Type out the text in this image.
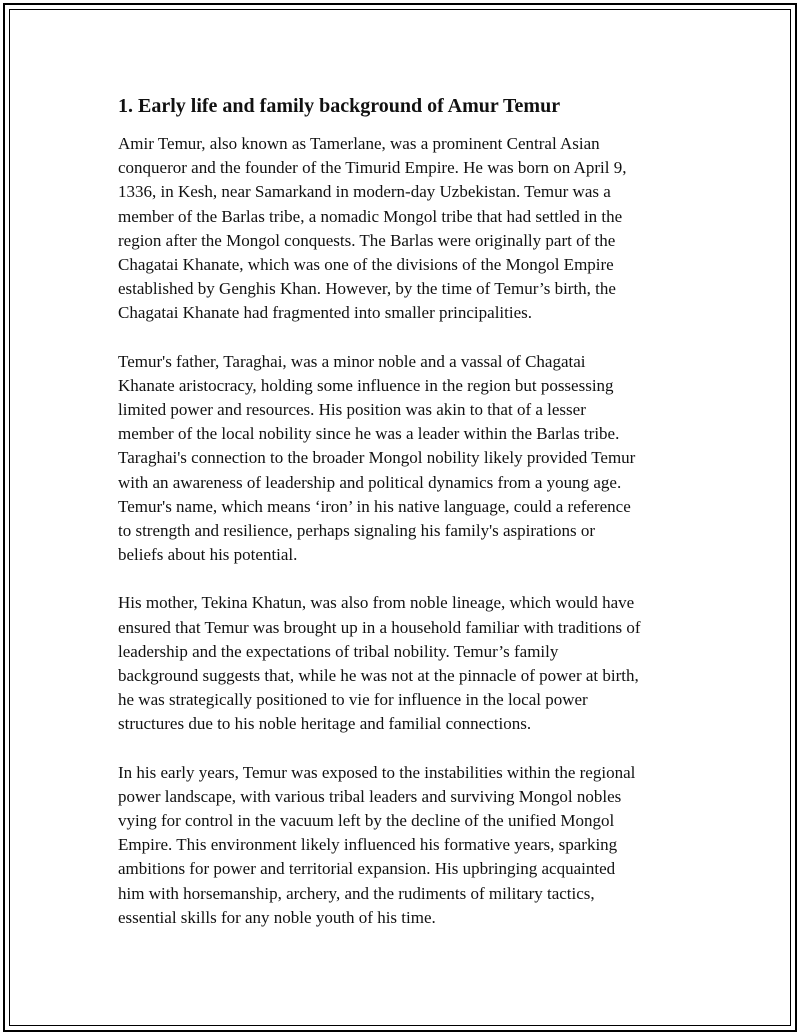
1. Early life and family background of Amur Temur

Amir Temur, also known as Tamerlane, was a prominent Central Asian
conqueror and the founder of the Timurid Empire. He was born on April 9,
1336, in Kesh, near Samarkand in modern-day Uzbekistan. Temur was a
member of the Barlas tribe, a nomadic Mongol tribe that had settled in the
region after the Mongol conquests. The Barlas were originally part of the
Chagatai Khanate, which was one of the divisions of the Mongol Empire
established by Genghis Khan. However, by the time of Temur’s birth, the
Chagatai Khanate had fragmented into smaller principalities.

Temur's father, Taraghai, was a minor noble and a vassal of Chagatai
Khanate aristocracy, holding some influence in the region but possessing
limited power and resources. His position was akin to that of a lesser
member of the local nobility since he was a leader within the Barlas tribe.
Taraghai's connection to the broader Mongol nobility likely provided Temur
with an awareness of leadership and political dynamics from a young age.
Temur's name, which means ‘iron’ in his native language, could a reference
to strength and resilience, perhaps signaling his family's aspirations or
beliefs about his potential.

His mother, Tekina Khatun, was also from noble lineage, which would have
ensured that Temur was brought up in a household familiar with traditions of
leadership and the expectations of tribal nobility. Temur’s family
background suggests that, while he was not at the pinnacle of power at birth,
he was strategically positioned to vie for influence in the local power
structures due to his noble heritage and familial connections.

In his early years, Temur was exposed to the instabilities within the regional
power landscape, with various tribal leaders and surviving Mongol nobles
vying for control in the vacuum left by the decline of the unified Mongol
Empire. This environment likely influenced his formative years, sparking
ambitions for power and territorial expansion. His upbringing acquainted
him with horsemanship, archery, and the rudiments of military tactics,
essential skills for any noble youth of his time.
